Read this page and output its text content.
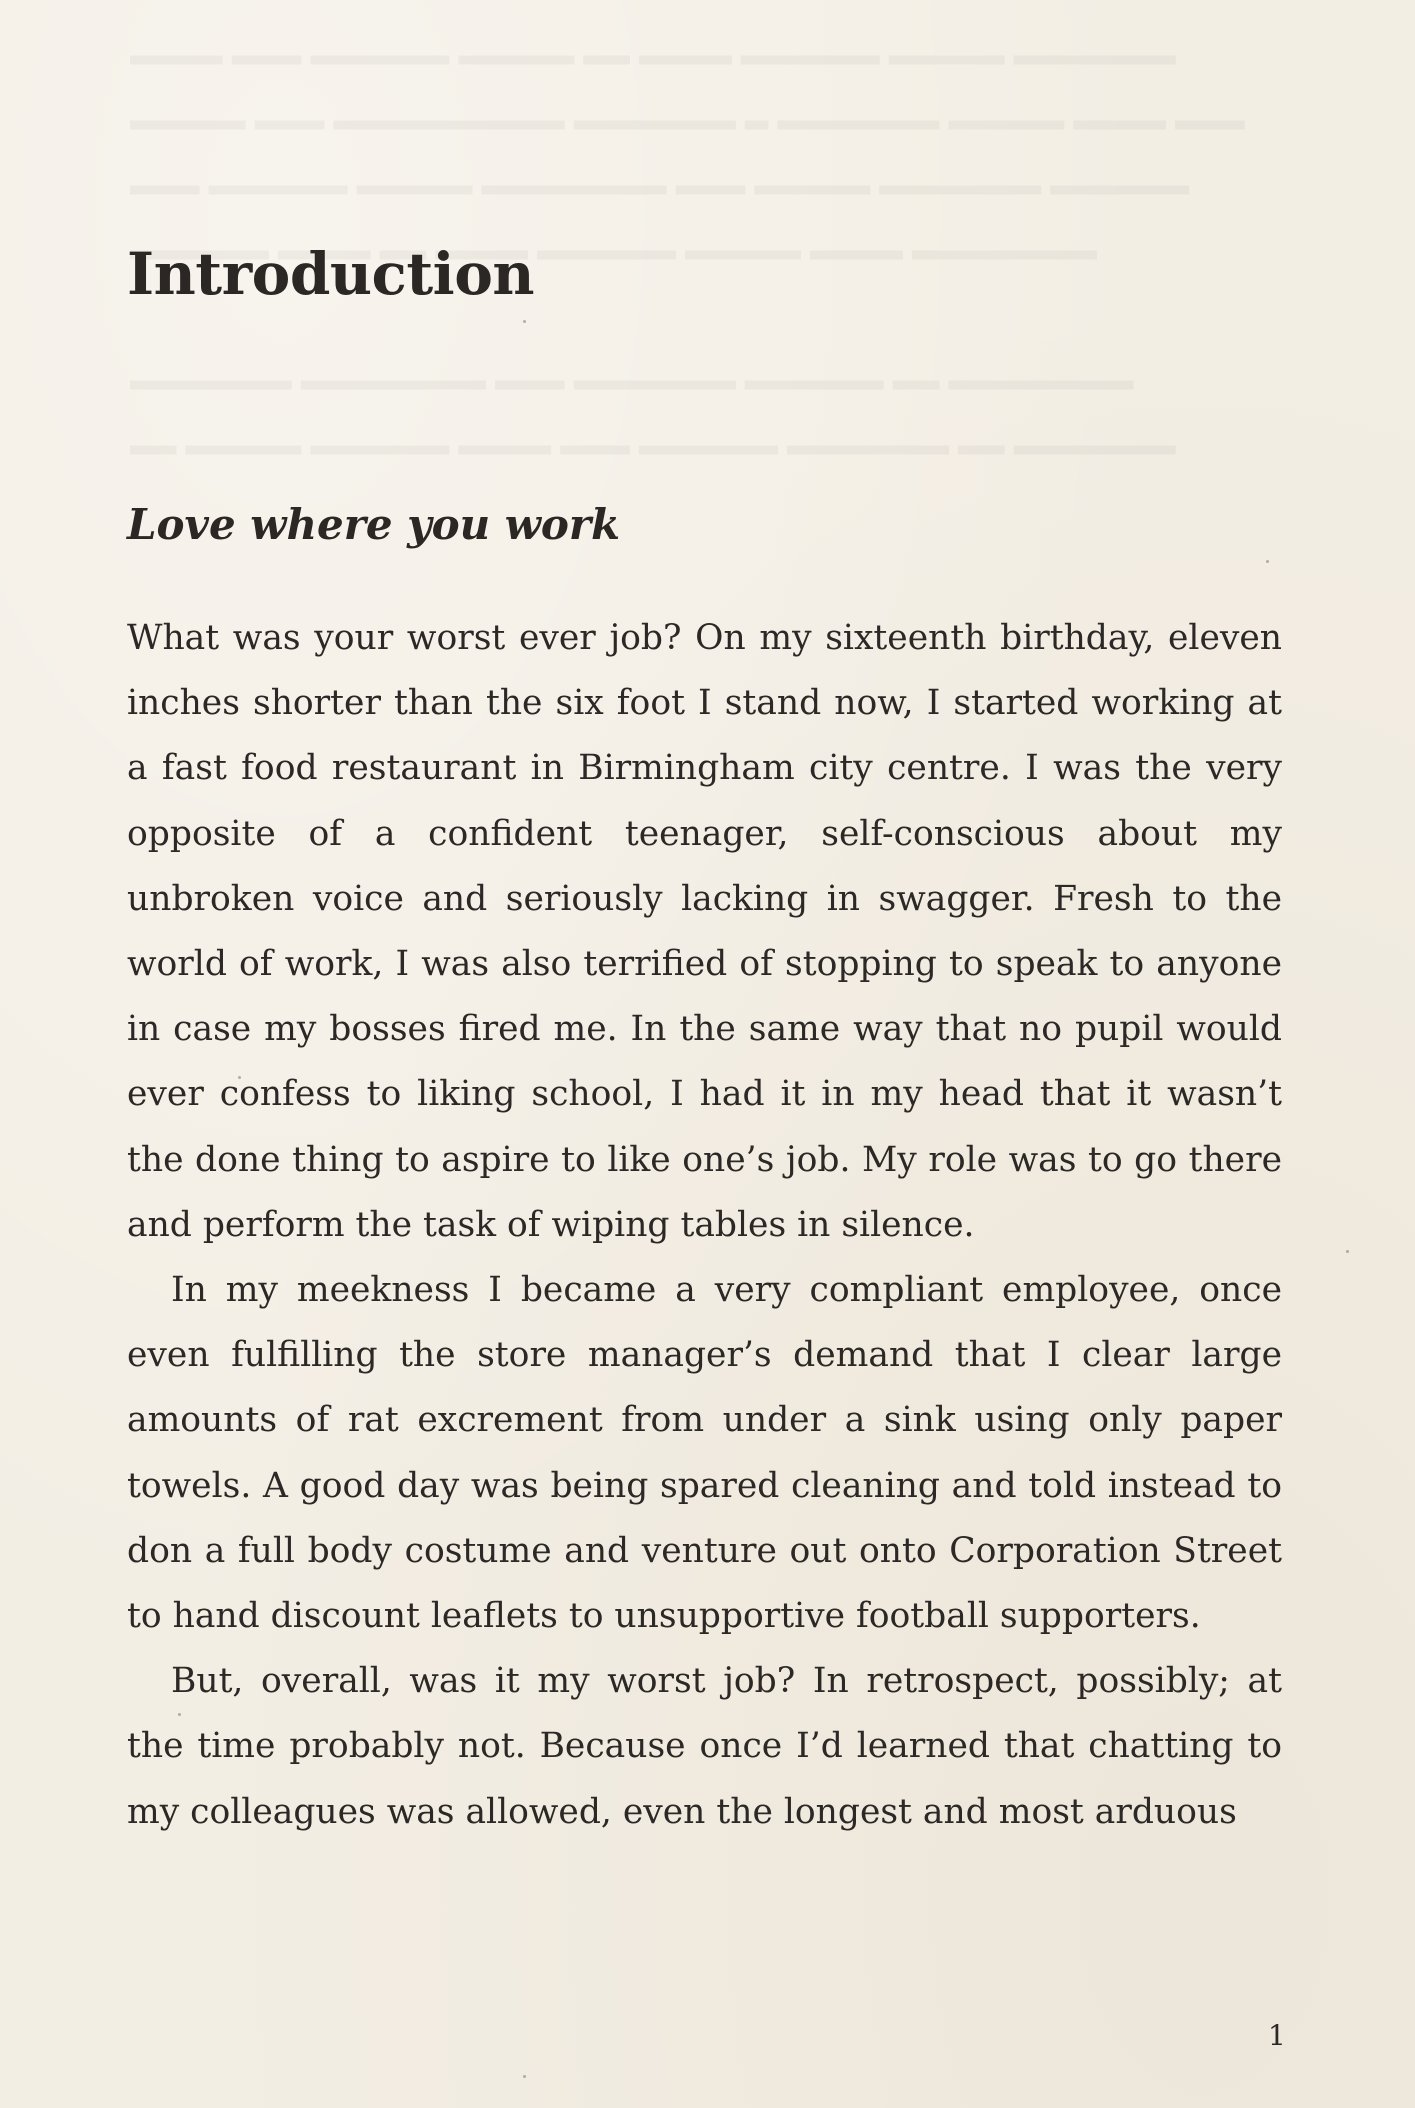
Introduction
Love where you work

What was your worst ever job? On my sixteenth birthday, eleven inches shorter than the six foot I stand now, I started working at a fast food restaurant in Birmingham city centre. I was the very opposite of a confident teenager, self-conscious about my unbroken voice and seriously lacking in swagger. Fresh to the world of work, I was also terrified of stopping to speak to anyone in case my bosses fired me. In the same way that no pupil would ever confess to liking school, I had it in my head that it wasn’t the done thing to aspire to like one’s job. My role was to go there and perform the task of wiping tables in silence.

In my meekness I became a very compliant employee, once even fulfilling the store manager’s demand that I clear large amounts of rat excrement from under a sink using only paper towels. A good day was being spared cleaning and told instead to don a full body costume and venture out onto Corporation Street to hand discount leaflets to unsupportive football supporters.

But, overall, was it my worst job? In retrospect, possibly; at the time probably not. Because once I’d learned that chatting to my colleagues was allowed, even the longest and most arduous

1
